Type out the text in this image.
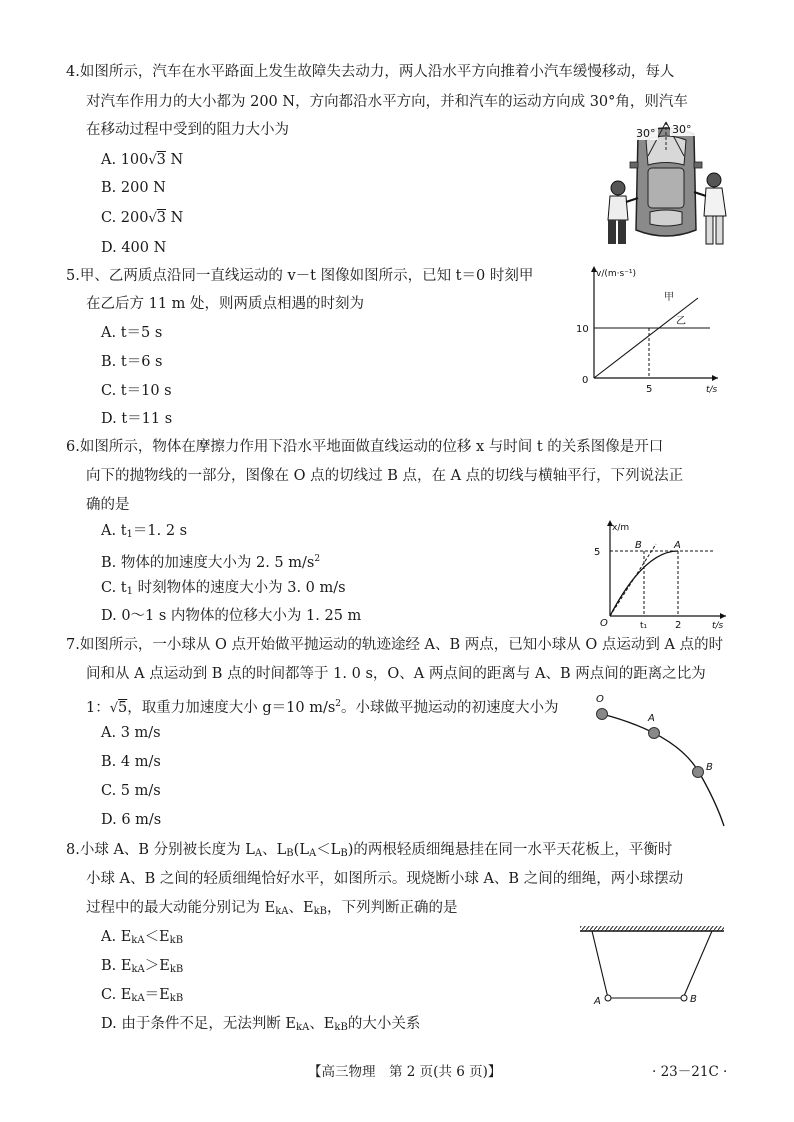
4.如图所示，汽车在水平路面上发生故障失去动力，两人沿水平方向推着小汽车缓慢移动，每人
对汽车作用力的大小都为 200 N，方向都沿水平方向，并和汽车的运动方向成 30°角，则汽车
在移动过程中受到的阻力大小为
A. 100√3 N
B. 200 N
C. 200√3 N
D. 400 N
30° 30°
5.甲、乙两质点沿同一直线运动的 v－t 图像如图所示，已知 t＝0 时刻甲
在乙后方 11 m 处，则两质点相遇的时刻为
A. t＝5 s
B. t＝6 s
C. t＝10 s
D. t＝11 s
v/(m·s⁻¹)
t/s
甲
乙
10
5
0
6.如图所示，物体在摩擦力作用下沿水平地面做直线运动的位移 x 与时间 t 的关系图像是开口
向下的抛物线的一部分，图像在 O 点的切线过 B 点，在 A 点的切线与横轴平行，下列说法正
确的是
A. $t_1=1$. 2 s
B. 物体的加速度大小为 2. 5 $m/s^2$
C. $t_1$ 时刻物体的速度大小为 3. 0 m/s
D. 0～1 s 内物体的位移大小为 1. 25 m
x/m
t/s
5
t₁	2
O
B	A
7.如图所示，一小球从 O 点开始做平抛运动的轨迹途经 A、B 两点，已知小球从 O 点运动到 A 点的时
间和从 A 点运动到 B 点的时间都等于 1. 0 s，O、A 两点间的距离与 A、B 两点间的距离之比为
1：√5，取重力加速度大小 g＝10 $m/s^2$。小球做平抛运动的初速度大小为
A. 3 m/s
B. 4 m/s
C. 5 m/s
D. 6 m/s
O
A
B
8.小球 A、B 分别被长度为 $L_A$、$L_B(L_A<L_B)$的两根轻质细绳悬挂在同一水平天花板上，平衡时
小球 A、B 之间的轻质细绳恰好水平，如图所示。现烧断小球 A、B 之间的细绳，两小球摆动
过程中的最大动能分别记为 $E_{kA}$、$E_{kB}$，下列判断正确的是
A. $E_{kA}<E_{kB}$
B. $E_{kA}>E_{kB}$
C. $E_{kA}=E_{kB}$
D. 由于条件不足，无法判断 $E_{kA}$、$E_{kB}$的大小关系
A	B
【高三物理　第 2 页(共 6 页)】	· 23－21C ·
